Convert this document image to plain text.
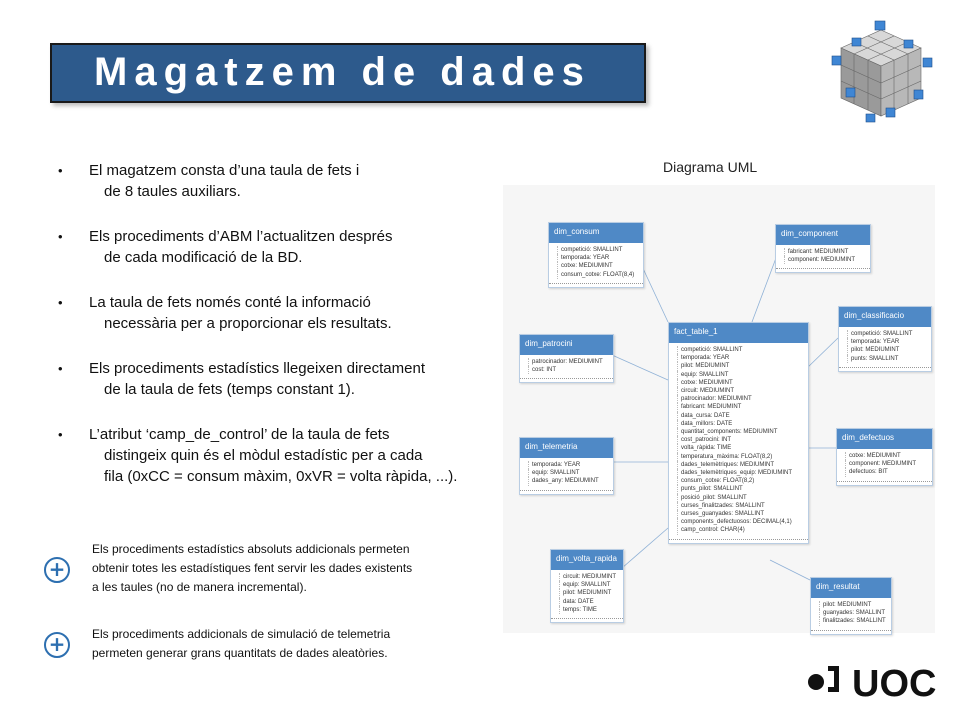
Magatzem de dades
• El magatzem consta d’una taula de fets i
de 8 taules auxiliars.
• Els procediments d’ABM l’actualitzen després
de cada modificació de la BD.
• La taula de fets només conté la informació
necessària per a proporcionar els resultats.
• Els procediments estadístics llegeixen directament
de la taula de fets (temps constant 1).
• L’atribut ‘camp_de_control’ de la taula de fets
distingeix quin és el mòdul estadístic per a cada
fila (0xCC = consum màxim, 0xVR = volta ràpida, ...).
+
Els procediments estadístics absoluts addicionals permeten
obtenir totes les estadístiques fent servir les dades existents
a les taules (no de manera incremental).
+	Els procediments addicionals de simulació de telemetria
permeten generar grans quantitats de dades aleatòries.
Diagrama UML
dim_consum
competició: SMALLINT
temporada: YEAR
cotxe: MEDIUMINT
consum_cotxe: FLOAT(8,4)
dim_component
fabricant: MEDIUMINT
component: MEDIUMINT
dim_classificacio
competició: SMALLINT
temporada: YEAR
pilot: MEDIUMINT
punts: SMALLINT
dim_patrocini
patrocinador: MEDIUMINT
cost: INT
fact_table_1
competició: SMALLINT
temporada: YEAR
pilot: MEDIUMINT
equip: SMALLINT
cotxe: MEDIUMINT
circuit: MEDIUMINT
patrocinador: MEDIUMINT
fabricant: MEDIUMINT
data_cursa: DATE
data_millors: DATE
quantitat_components: MEDIUMINT
cost_patrocini: INT
volta_ràpida: TIME
temperatura_màxima: FLOAT(8,2)
dades_telemètriques: MEDIUMINT
dades_telemètriques_equip: MEDIUMINT
consum_cotxe: FLOAT(8,2)
punts_pilot: SMALLINT
posició_pilot: SMALLINT
curses_finalitzades: SMALLINT
curses_guanyades: SMALLINT
components_defectuosos: DECIMAL(4,1)
camp_control: CHAR(4)
dim_telemetria
temporada: YEAR
equip: SMALLINT
dades_any: MEDIUMINT
dim_defectuos
cotxe: MEDIUMINT
component: MEDIUMINT
defectuos: BIT
dim_volta_rapida
circuit: MEDIUMINT
equip: SMALLINT
pilot: MEDIUMINT
data: DATE
temps: TIME
dim_resultat
pilot: MEDIUMINT
guanyades: SMALLINT
finalitzades: SMALLINT
UOC
